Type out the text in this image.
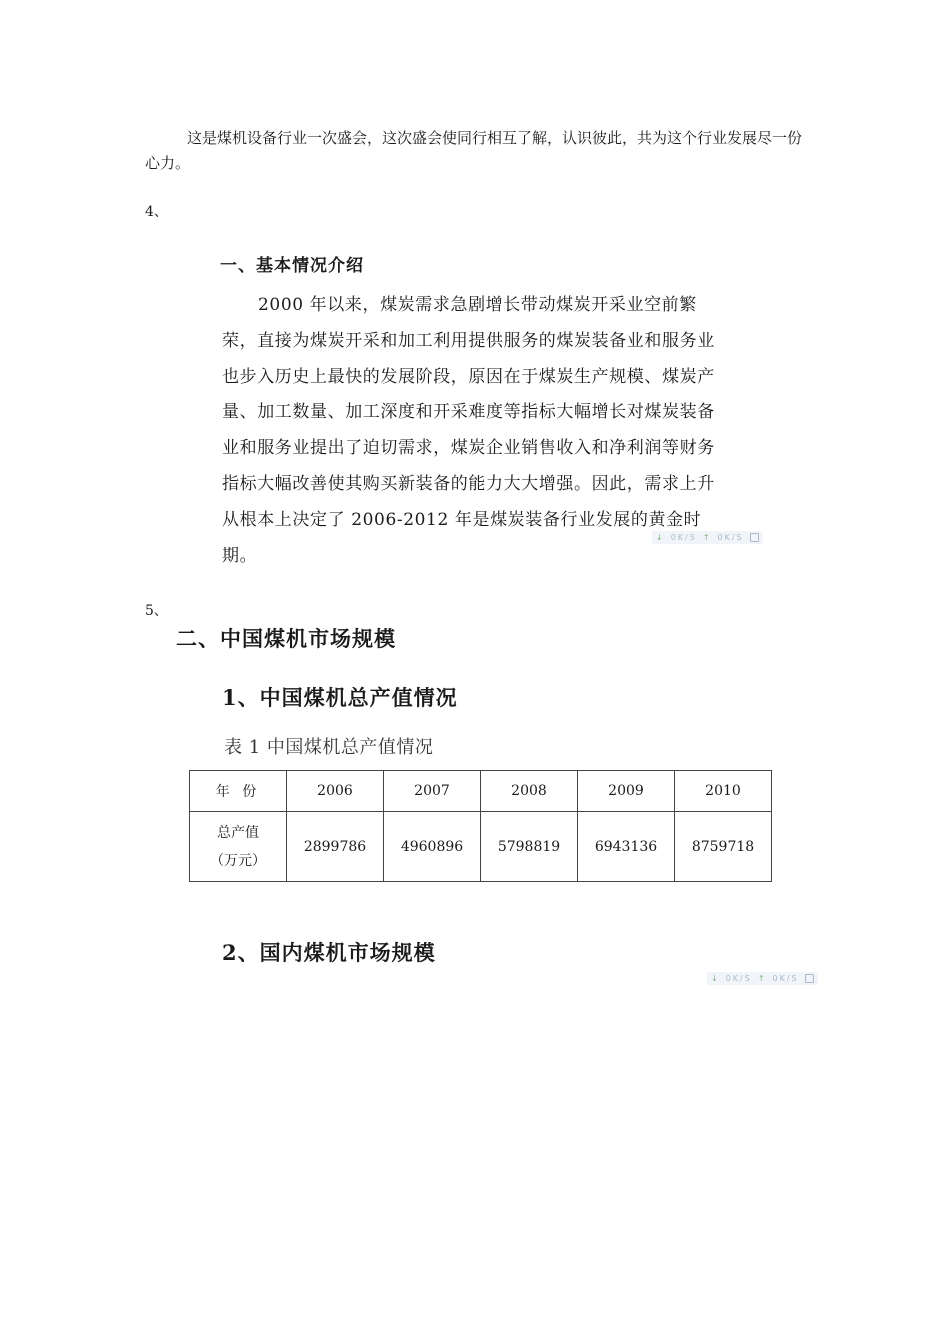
这是煤机设备行业一次盛会，这次盛会使同行相互了解，认识彼此，共为这个行业发展尽一份心力。
4、
一、基本情况介绍
2000 年以来，煤炭需求急剧增长带动煤炭开采业空前繁荣，直接为煤炭开采和加工利用提供服务的煤炭装备业和服务业也步入历史上最快的发展阶段，原因在于煤炭生产规模、煤炭产量、加工数量、加工深度和开采难度等指标大幅增长对煤炭装备业和服务业提出了迫切需求，煤炭企业销售收入和净利润等财务指标大幅改善使其购买新装备的能力大大增强。因此，需求上升从根本上决定了 2006-2012 年是煤炭装备行业发展的黄金时期。
↓ 0K/S ↑ 0K/S
5、
二、中国煤机市场规模
1、中国煤机总产值情况
表 1 中国煤机总产值情况
年 份	2006	2007	2008	2009	2010

总产值
（万元）	2899786	4960896	5798819	6943136	8759718
2、国内煤机市场规模
↓ 0K/S ↑ 0K/S
